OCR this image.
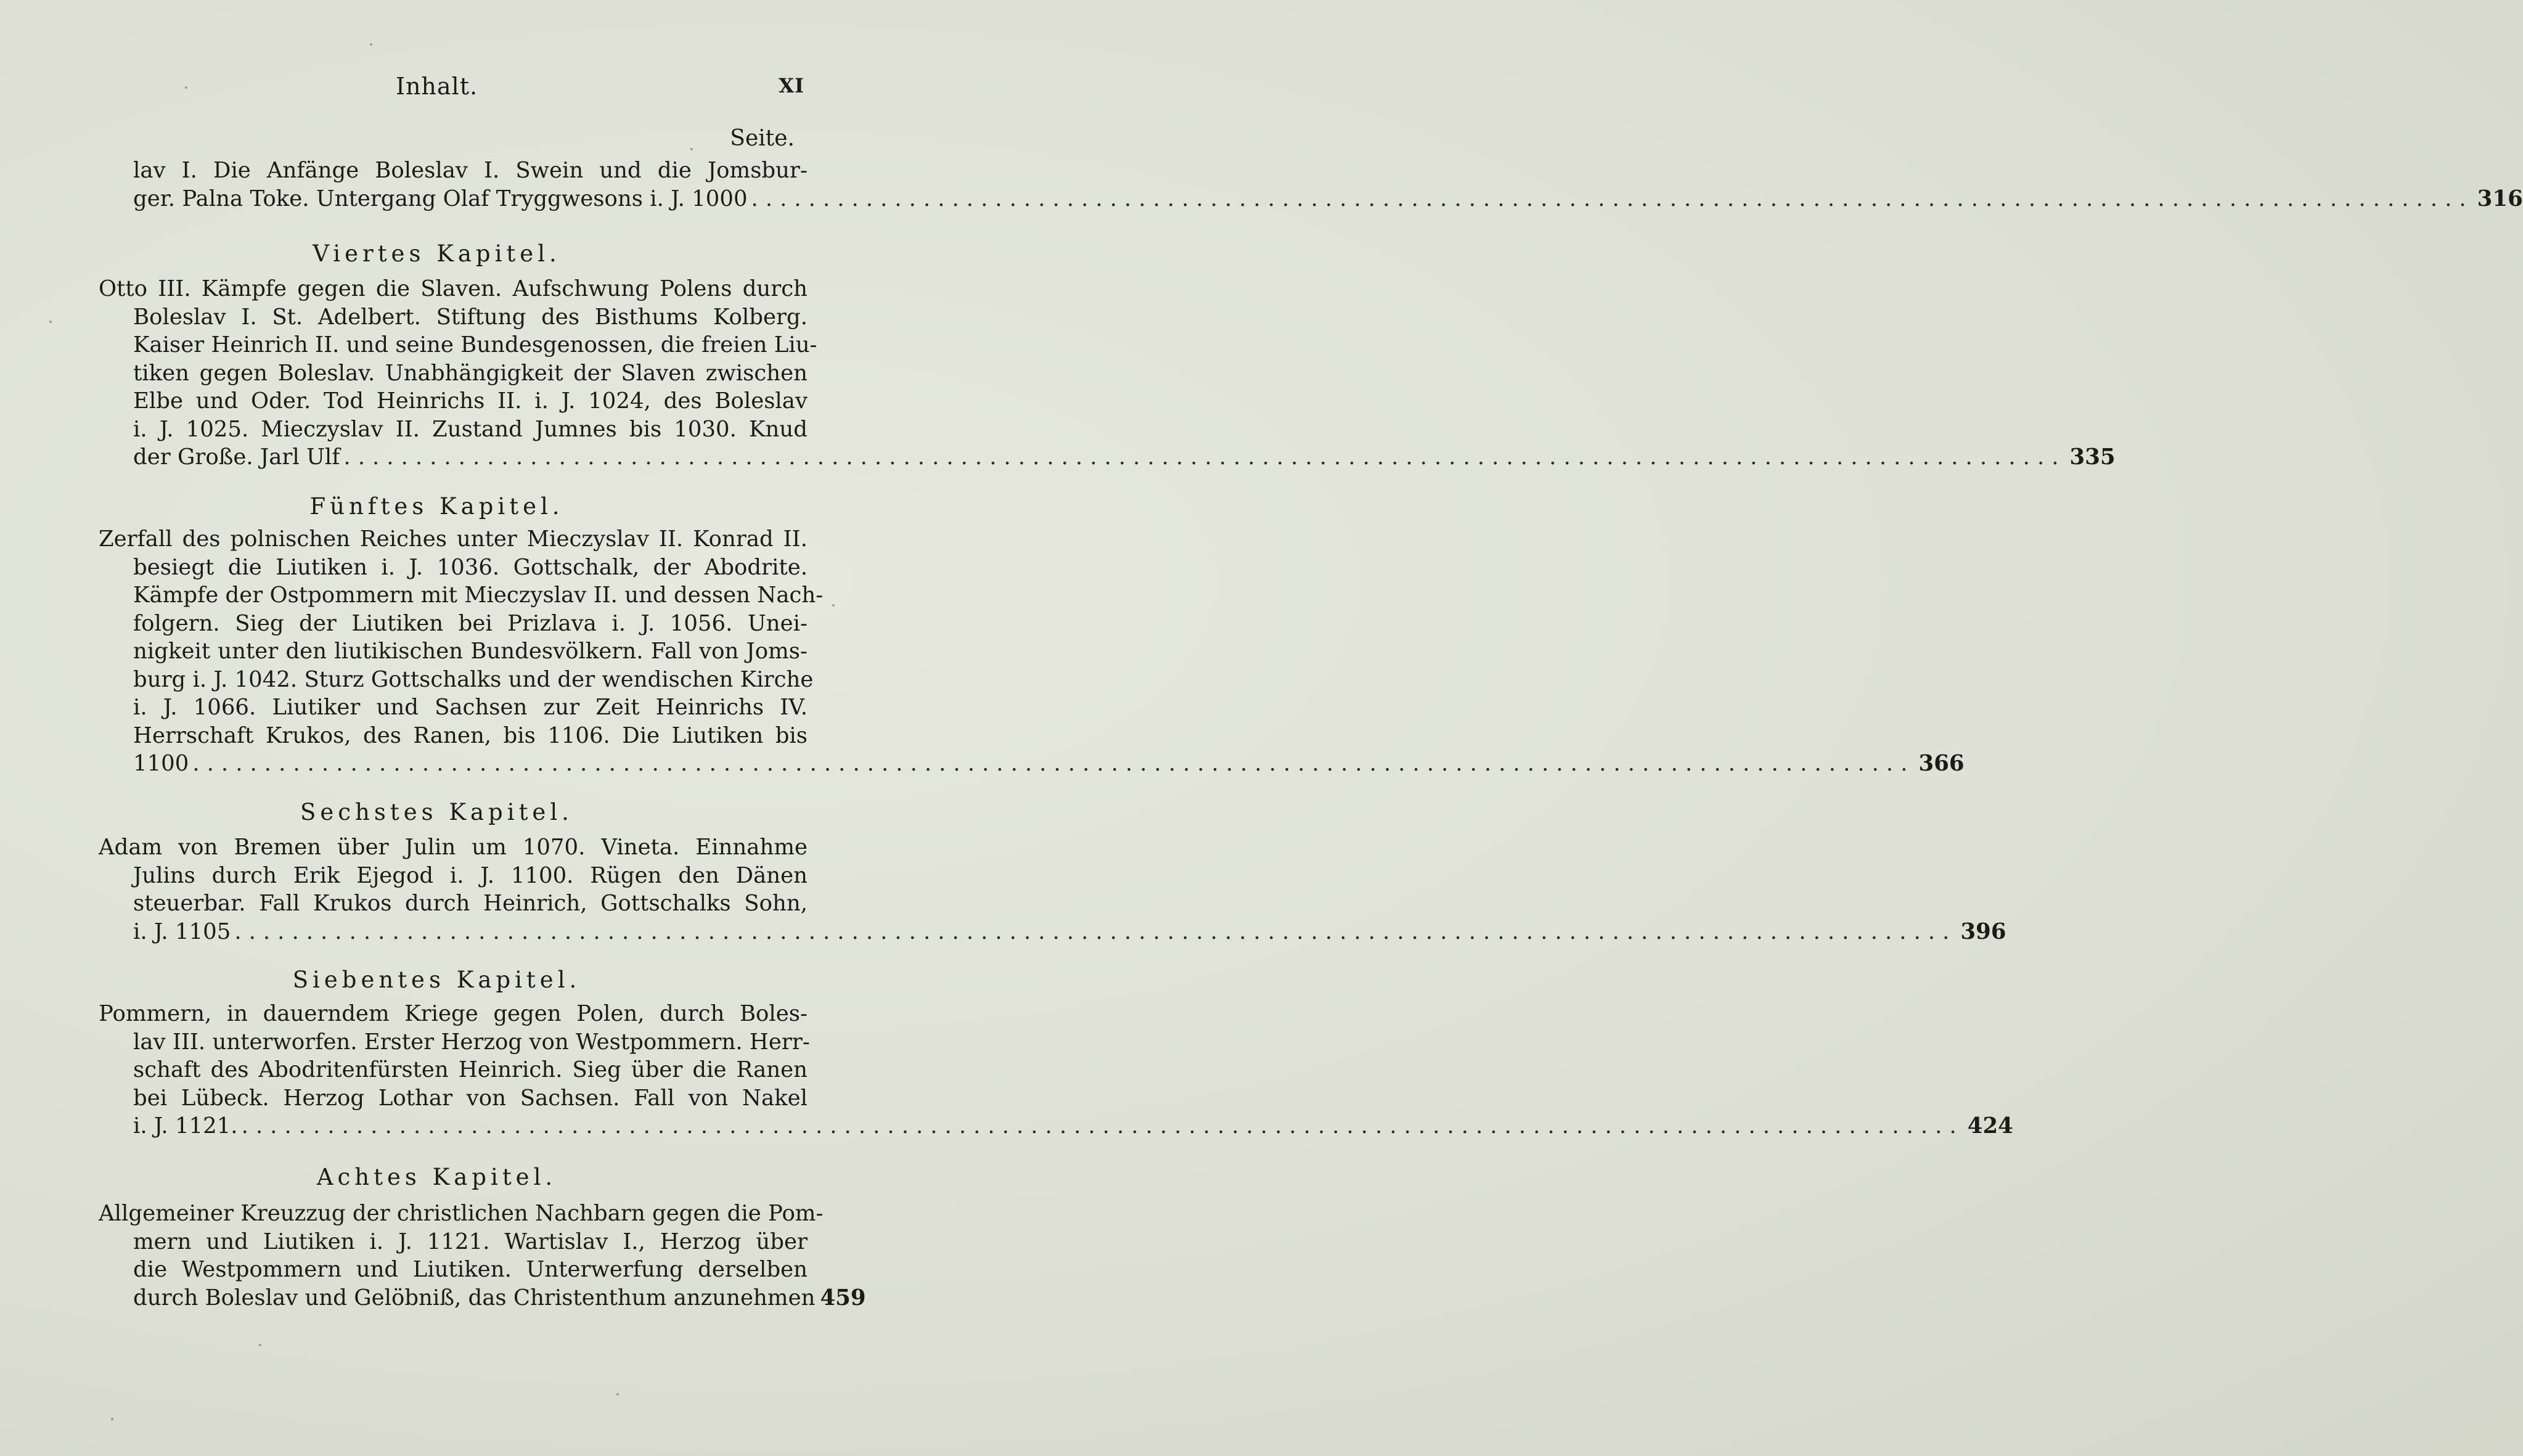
Inhalt.	XI
Seite.
lav I. Die Anfänge Boleslav I. Swein und die Jomsbur-
ger. Palna Toke. Untergang Olaf Tryggwesons i. J. 1000 ........................................................................................................................ 316
Viertes Kapitel.
Otto III. Kämpfe gegen die Slaven. Aufschwung Polens durch
Boleslav I. St. Adelbert. Stiftung des Bisthums Kolberg.
Kaiser Heinrich II. und seine Bundesgenossen, die freien Liu-
tiken gegen Boleslav. Unabhängigkeit der Slaven zwischen
Elbe und Oder. Tod Heinrichs II. i. J. 1024, des Boleslav
i. J. 1025. Mieczyslav II. Zustand Jumnes bis 1030. Knud
der Große. Jarl Ulf ........................................................................................................................ 335
Fünftes Kapitel.
Zerfall des polnischen Reiches unter Mieczyslav II. Konrad II.
besiegt die Liutiken i. J. 1036. Gottschalk, der Abodrite.
Kämpfe der Ostpommern mit Mieczyslav II. und dessen Nach-
folgern. Sieg der Liutiken bei Prizlava i. J. 1056. Unei-
nigkeit unter den liutikischen Bundesvölkern. Fall von Joms-
burg i. J. 1042. Sturz Gottschalks und der wendischen Kirche
i. J. 1066. Liutiker und Sachsen zur Zeit Heinrichs IV.
Herrschaft Krukos, des Ranen, bis 1106. Die Liutiken bis
1100 ........................................................................................................................ 366
Sechstes Kapitel.
Adam von Bremen über Julin um 1070. Vineta. Einnahme
Julins durch Erik Ejegod i. J. 1100. Rügen den Dänen
steuerbar. Fall Krukos durch Heinrich, Gottschalks Sohn,
i. J. 1105 ........................................................................................................................ 396
Siebentes Kapitel.
Pommern, in dauerndem Kriege gegen Polen, durch Boles-
lav III. unterworfen. Erster Herzog von Westpommern. Herr-
schaft des Abodritenfürsten Heinrich. Sieg über die Ranen
bei Lübeck. Herzog Lothar von Sachsen. Fall von Nakel
i. J. 1121. ........................................................................................................................ 424
Achtes Kapitel.
Allgemeiner Kreuzzug der christlichen Nachbarn gegen die Pom-
mern und Liutiken i. J. 1121. Wartislav I., Herzog über
die Westpommern und Liutiken. Unterwerfung derselben
durch Boleslav und Gelöbniß, das Christenthum anzunehmen 459
